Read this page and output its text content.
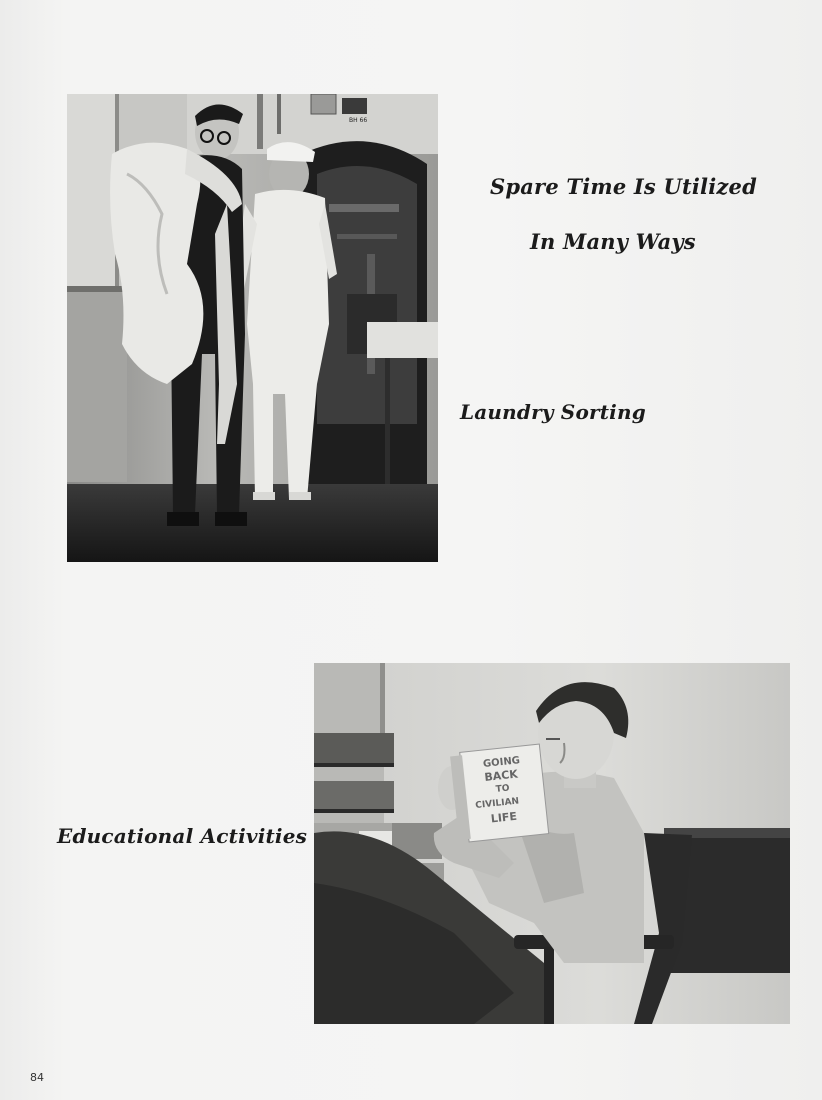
BH 66
Spare Time Is Utilized
In Many Ways
Laundry Sorting
GOING
BACK
TO
CIVILIAN
LIFE
Educational Activities
84
